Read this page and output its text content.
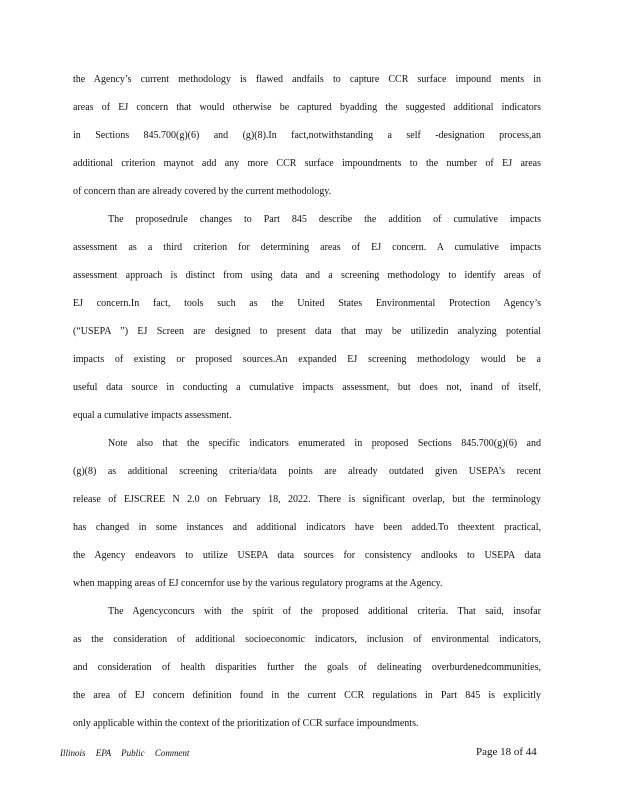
the Agency’s current methodology is flawed andfails to capture CCR surface impound ments in
areas of EJ concern that would otherwise be captured byadding the suggested additional indicators
in Sections 845.700(g)(6) and (g)(8).In fact,notwithstanding a self -designation process,an
additional criterion maynot add any more CCR surface impoundments to the number of EJ areas
of concern than are already covered by the current methodology.
The proposedrule changes to Part 845 describe the addition of cumulative impacts
assessment as a third criterion for determining areas of EJ concern. A cumulative impacts
assessment approach is distinct from using data and a screening methodology to identify areas of
EJ concern.In fact, tools such as the United States Environmental Protection Agency’s
(“USEPA ”) EJ Screen are designed to present data that may be utilizedin analyzing potential
impacts of existing or proposed sources.An expanded EJ screening methodology would be a
useful data source in conducting a cumulative impacts assessment, but does not, inand of itself,
equal a cumulative impacts assessment.
Note also that the specific indicators enumerated in proposed Sections 845.700(g)(6) and
(g)(8) as additional screening criteria/data points are already outdated given USEPA’s recent
release of EJSCREE N 2.0 on February 18, 2022. There is significant overlap, but the terminology
has changed in some instances and additional indicators have been added.To theextent practical,
the Agency endeavors to utilize USEPA data sources for consistency andlooks to USEPA data
when mapping areas of EJ concernfor use by the various regulatory programs at the Agency.
The Agencyconcurs with the spirit of the proposed additional criteria. That said, insofar
as the consideration of additional socioeconomic indicators, inclusion of environmental indicators,
and consideration of health disparities further the goals of delineating overburdenedcommunities,
the area of EJ concern definition found in the current CCR regulations in Part 845 is explicitly
only applicable within the context of the prioritization of CCR surface impoundments.
Illinois EPA Public Comment	Page 18 of 44
